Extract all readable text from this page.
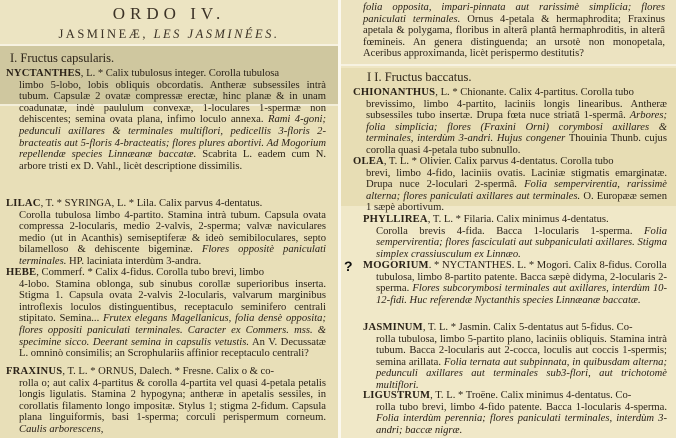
ORDO IV.
JASMINEÆ, LES JASMINÉES.
I. Fructus capsularis.
NYCTANTHES, L. * Calix tubulosus integer. Corolla tubulosa
limbo 5-lobo, lobis obliquis obcordatis. Antheræ subsessiles intrà tubum. Capsulæ 2 ovatæ compressæ erectæ, hinc planæ & in unam coadunatæ, indè paululum convexæ, 1-loculares 1-spermæ non dehiscentes; semina ovata plana, infimo loculo annexa. Rami 4-goni; pedunculi axillares & terminales multiflori, pedicellis 3-floris 2-bracteatis aut 5-floris 4-bracteatis; flores plures abortivi. Ad Mogorium repellendæ species Linnæanæ baccatæ. Scabrita L. eadem cum N. arbore tristi ex D. Vahl., licèt descriptione dissimilis.
LILAC, T. * SYRINGA, L. * Lila. Calix parvus 4-dentatus.
Corolla tubulosa limbo 4-partito. Stamina intrà tubum. Capsula ovata compressa 2-locularis, medio 2-valvis, 2-sperma; valvæ naviculares medio (ut in Acanthis) semiseptiferæ & ideò semibiloculares, septo bilamelloso & dehiscente bigeminæ. Flores oppositè paniculati terminales. HP. laciniata interdùm 3-andra.
HEBE, Commerf. * Calix 4-fidus. Corolla tubo brevi, limbo
4-lobo. Stamina oblonga, sub sinubus corollæ superioribus inserta. Stigma 1. Capsula ovata 2-valvis 2-locularis, valvarum marginibus introflexis loculos distinguentibus, receptaculo seminifero centrali stipitato. Semina... Frutex elegans Magellanicus, folia densè opposita; flores oppositi paniculati terminales. Caracter ex Commers. mss. & specimine sicco. Deerant semina in capsulis vetustis. An V. Decussatæ L. omninò consimilis; an Scrophulariis affinior receptaculo centrali?
FRAXINUS, T. L. * ORNUS, Dalech. * Fresne. Calix o & co-
rolla o; aut calix 4-partitus & corolla 4-partita vel quasi 4-petala petalis longis ligulatis. Stamina 2 hypogyna; antheræ in apetalis sessiles, in corollatis filamento longo impositæ. Stylus 1; stigma 2-fidum. Capsula plana linguiformis, basi 1-sperma; corculi perispermum corneum. Caulis arborescens,
folia opposita, impari-pinnata aut rarissimè simplicia; flores paniculati terminales. Ornus 4-petala & hermaphrodita; Fraxinus apetala & polygama, floribus in alterâ plantâ hermaphroditis, in alterâ fœmineis. An genera distinguenda; an ursotè non monopetala, Aceribus approximanda, licèt perispermo destitutis?
I I. Fructus baccatus.
CHIONANTHUS, L. * Chionante. Calix 4-partitus. Corolla tubo
brevissimo, limbo 4-partito, laciniis longis linearibus. Antheræ subsessiles tubo insertæ. Drupa fœta nuce striatâ 1-spermâ. Arbores; folia simplicia; flores (Fraxini Orni) corymbosi axillares & terminales, interdùm 3-andri. Hujus congener Thouinia Thunb. cujus corolla quasi 4-petala tubo subnullo.
OLEA, T. L. * Olivier. Calix parvus 4-dentatus. Corolla tubo
brevi, limbo 4-fido, laciniis ovatis. Laciniæ stigmatis emarginatæ. Drupa nuce 2-loculari 2-spermâ. Folia sempervirentia, rarissimè alterna; flores paniculati axillares aut terminales. O. Europææ semen 1 sæpè abortivum.
PHYLLIREA, T. L. * Filaria. Calix minimus 4-dentatus.
Corolla brevis 4-fida. Bacca 1-locularis 1-sperma. Folia sempervirentia; flores fasciculati aut subpaniculati axillares. Stigma simplex crassiusculum ex Linnæo.
? MOGORIUM. * NYCTANTHES. L. * Mogori. Calix 8-fidus. Corolla
tubulosa, limbo 8-partito patente. Bacca sæpè didyma, 2-locularis 2-sperma. Flores subcorymbosi terminales aut axillares, interdùm 10-12-fidi. Huc referendæ Nyctanthis species Linnæanæ baccatæ.
JASMINUM, T. L. * Jasmin. Calix 5-dentatus aut 5-fidus. Co-
rolla tubulosa, limbo 5-partito plano, laciniis obliquis. Stamina intrà tubum. Bacca 2-locularis aut 2-cocca, loculis aut coccis 1-spermis; semina arillata. Folia ternata aut subpinnata, in quibusdam alterna; pedunculi axillares aut terminales sub3-flori, aut trichotomè multiflori.
LIGUSTRUM, T. L. * Troëne. Calix minimus 4-dentatus. Co-
rolla tubo brevi, limbo 4-fido patente. Bacca 1-locularis 4-sperma. Folia interdùm perennia; flores paniculati terminales, interdùm 3-andri; baccæ nigræ.
